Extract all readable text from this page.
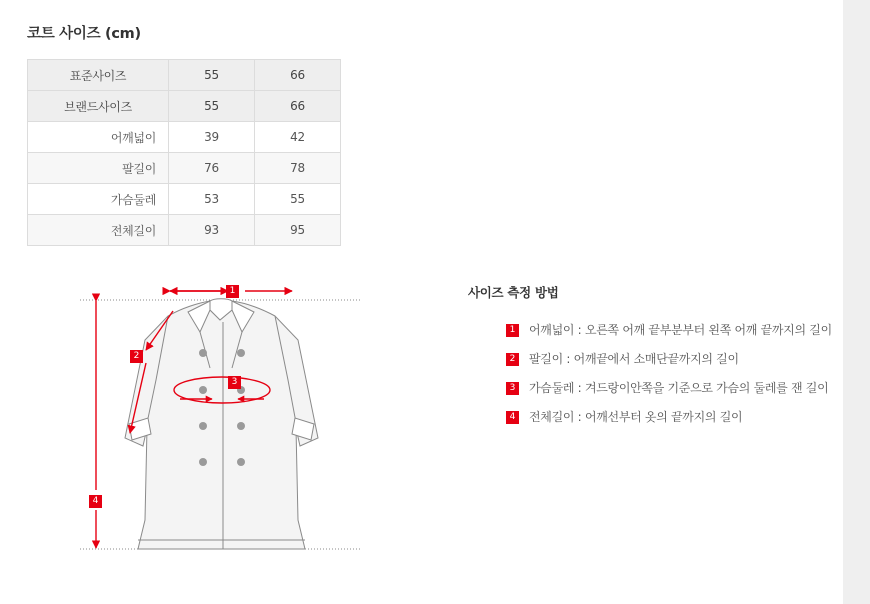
코트 사이즈 (cm)
표준사이즈	55	66
브랜드사이즈	55	66
어깨넓이	39	42
팔길이	76	78
가슴둘레	53	55
전체길이	93	95
1
2
3
4
사이즈 측정 방법
1	어깨넓이 : 오른쪽 어깨 끝부분부터 왼쪽 어깨 끝까지의 길이
2	팔길이 : 어깨끝에서 소매단끝까지의 길이
3	가슴둘레 : 겨드랑이안쪽을 기준으로 가슴의 둘레를 잰 길이
4	전체길이 : 어깨선부터 옷의 끝까지의 길이
